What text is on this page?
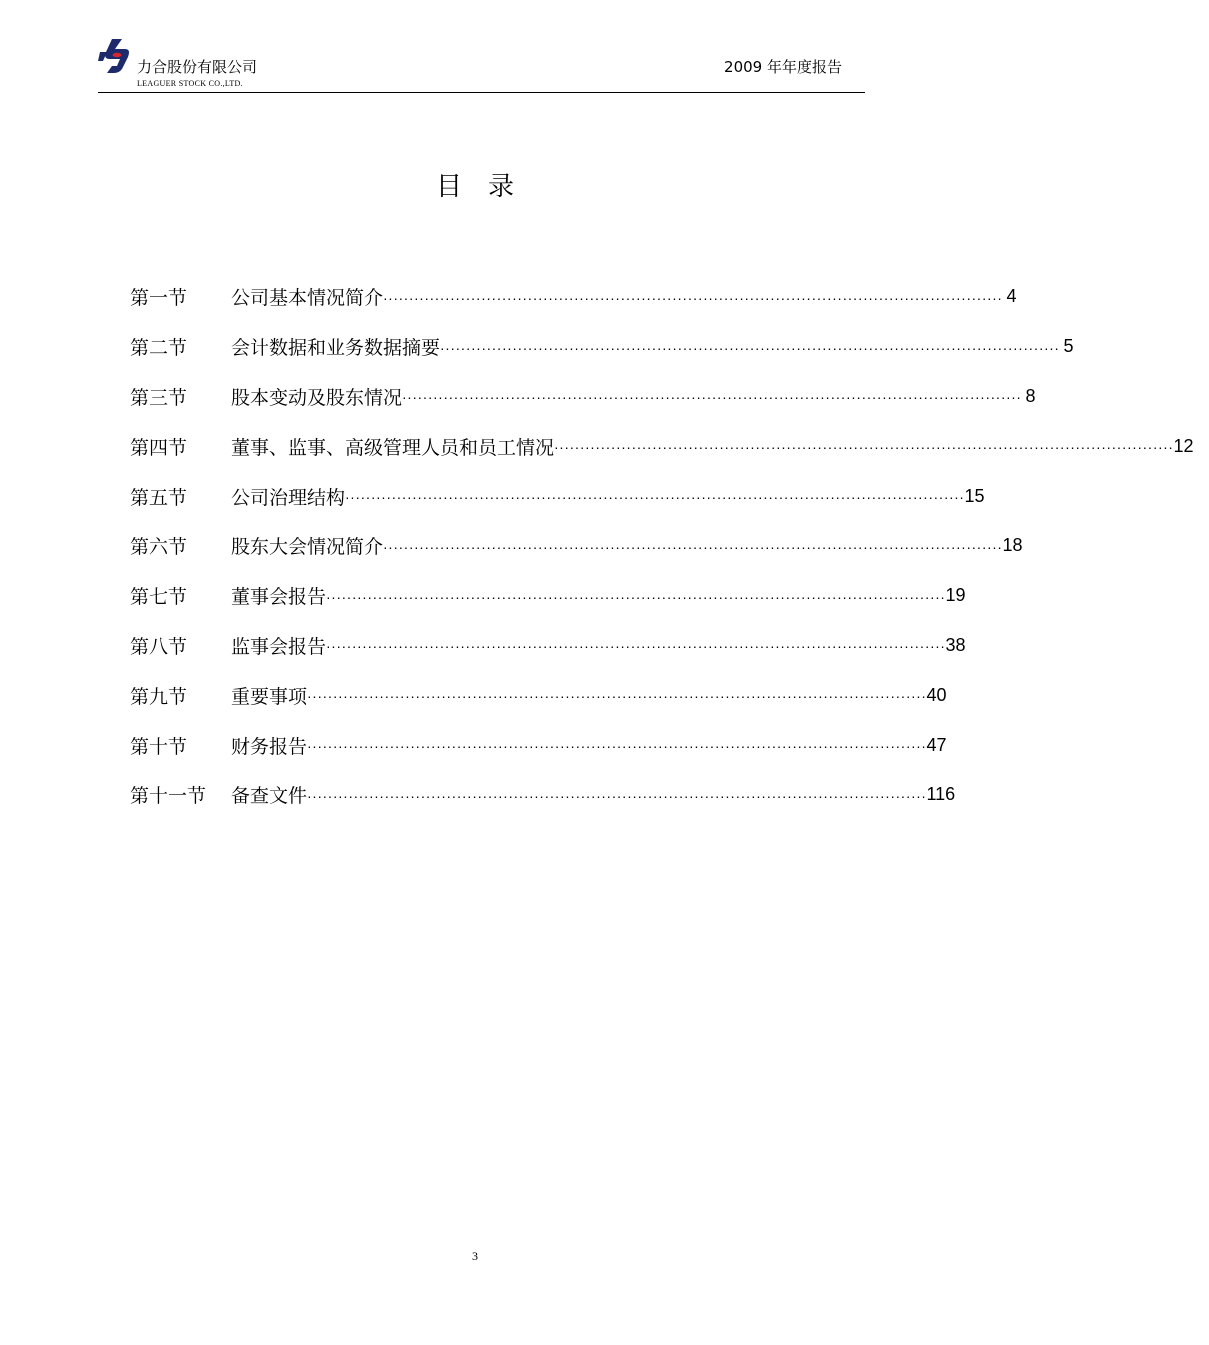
力合股份有限公司
LEAGUER STOCK CO.,LTD.
2009 年年度报告
目录
第一节	公司基本情况简介 ························································································································ 4
第二节	会计数据和业务数据摘要 ························································································································ 5
第三节	股本变动及股东情况 ························································································································ 8
第四节	董事、监事、高级管理人员和员工情况 ························································································································ 12
第五节	公司治理结构 ························································································································ 15
第六节	股东大会情况简介 ························································································································ 18
第七节	董事会报告 ························································································································ 19
第八节	监事会报告 ························································································································ 38
第九节	重要事项 ························································································································ 40
第十节	财务报告 ························································································································ 47
第十一节	备查文件 ························································································································ 116
3
